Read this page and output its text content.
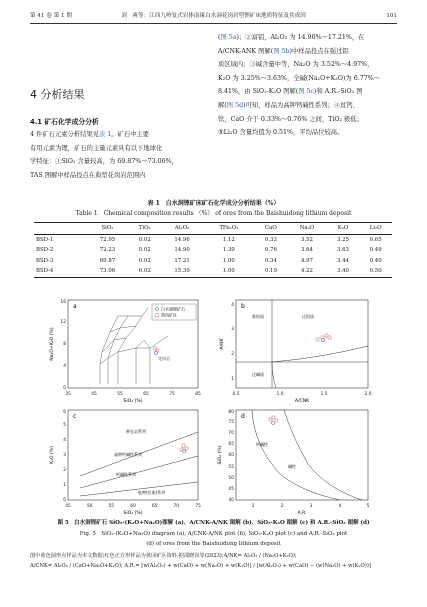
第 41 卷 第 1 期	刘　爽等：江西九岭复式岩体南缘白水洞花岗岩型锂矿床地质特征及其成因	101
(图 5a)；②富铝，Al₂O₃ 为 14.90%～17.21%，在
A/CNK-ANK 图解(图 5b)中样品投点在强过铝
质区域内；③碱含量中等，Na₂O 为 3.52%～4.97%，
K₂O 为 3.25%～3.63%，全碱(Na₂O+K₂O)为 6.77%～
8.41%，由 SiO₂-K₂O 图解(图 5c)和 A.R.-SiO₂ 图
解(图 5d)可知，样品为高钾钙碱性系列；④贫钙、
钛，CaO 介于 0.33%～0.76% 之间，TiO₂ 极低；
⑤Li₂O 含量均值为 0.51%，平均品位较高。
4 分析结果
4.1 矿石化学成分分析
4 件矿石元素分析结果见表 1。矿石中主要
有用元素为锂，矿石的主量元素具有以下地球化
学特征：①SiO₂ 含量较高，为 69.87%～73.06%，
TAS 图解中样品投点在典型花岗岩范围内
表 1　白水洞锂矿床矿石化学成分分析结果（%）
Table 1　Chemical composition results （%） of ores from the Baishuidong lithium deposit
	SiO₂	TiO₂	Al₂O₃	TFe₂O₃	CaO	Na₂O	K₂O	Li₂O
BSD-1	72.95	0.02	14.96	1.12	0.33	3.52	3.25	0.65
BSD-2	72.23	0.02	14.90	1.30	0.76	3.64	3.63	0.49
BSD-3	69.87	0.02	17.21	1.00	0.34	4.97	3.44	0.40
BSD-4	73.06	0.02	15.30	1.00	0.19	4.22	3.40	0.50
a
花岗岩
白水洞锂矿石
黄岗矿区
35	45	55	65	75	85
0
4
8
12
16
SiO₂ (%)
Na₂O+K₂O (%)
b
准铝质	过铝质
过碱质
0.5	1.0	1.5	2.0
1
2
3
4
A/CNK
A/NK
c
钾玄岩系列
高钾钙碱性系列
钙碱性系列
低钾(拉斑)系列
45	50	55	60	65	70	75
0
1
2
3
4
5
6
SiO₂ (%)
K₂O (%)
d
钙碱性
碱性
1	2	3	4	5
40
45
50
55
60
65
70
75
80
A.R.
SiO₂ (%)
图 5　白水洞锂矿石 SiO₂-(K₂O+Na₂O)图解 (a)、A/CNK-A/NK 图解 (b)、SiO₂-K₂O 图解 (c) 和 A.R.-SiO₂ 图解 (d)
Fig. 5　SiO₂-(K₂O+Na₂O) diagram (a), A/CNK-A/NK plot (b), SiO₂-K₂O plot (c) and A.R.-SiO₂ plot
(d) of ores from the Baishuidong lithium deposit
图中蓝色圆形点样品为本文数据;红色正方形样品为黄冈矿区资料,据邵晓岗等(2023);A/NK= Al₂O₃ / (Na₂O+K₂O);
A/CNK= Al₂O₃ / (CaO+Na₂O+K₂O); A.R.= [w(Al₂O₃) + w(CaO) + w(Na₂O) + w(K₂O)] / [w(Al₂O₃) + w(CaO) − (w(Na₂O) + w(K₂O))]
